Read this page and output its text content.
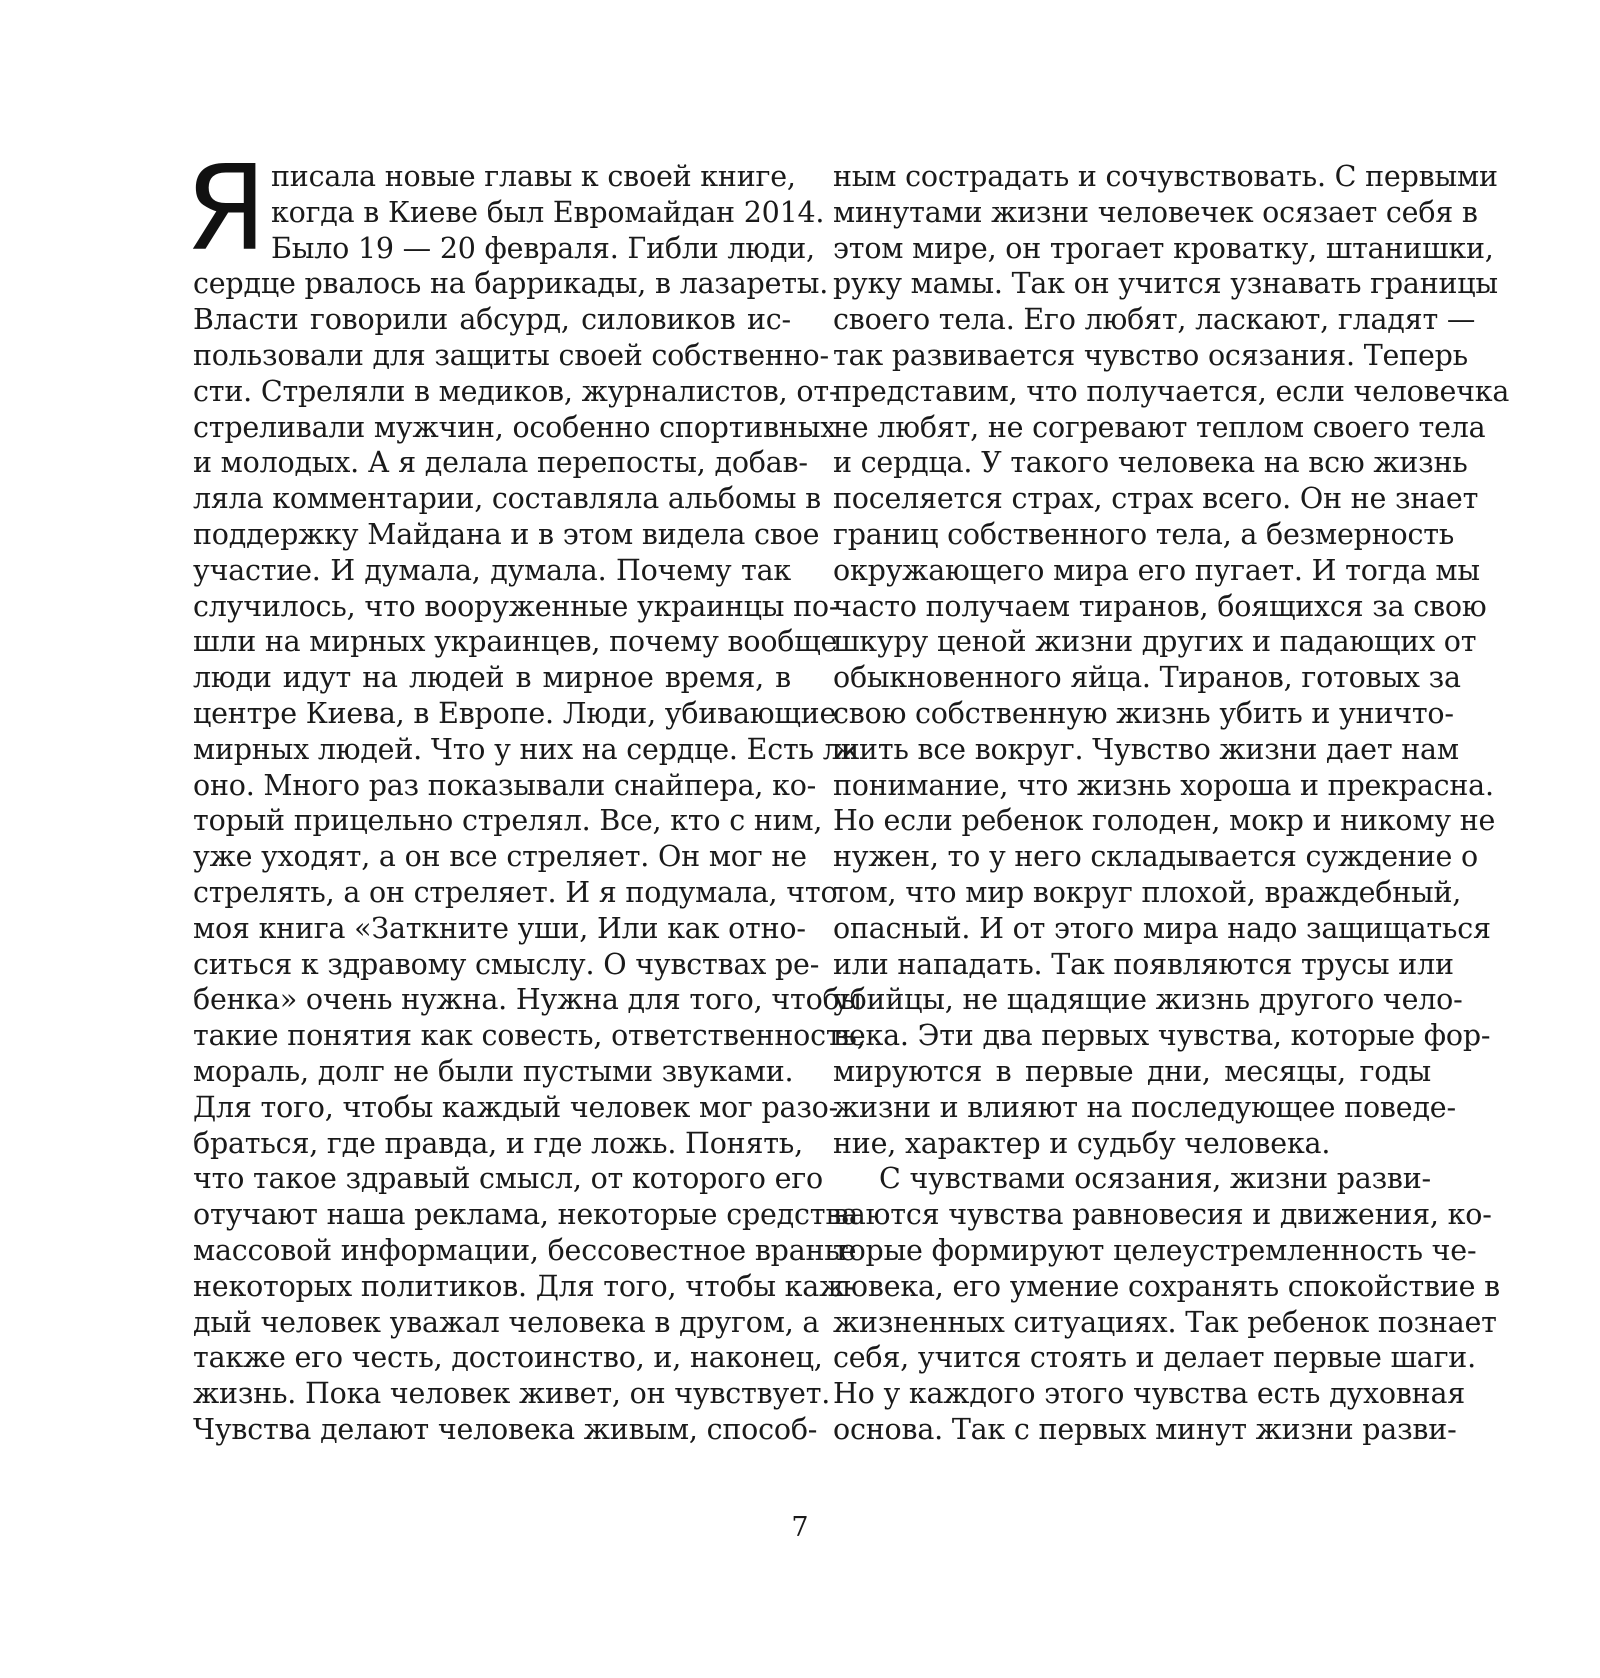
Я писала новые главы к своей книге,
когда в Киеве был Евромайдан 2014.
Было 19 — 20 февраля. Гибли люди,
сердце рвалось на баррикады, в лазареты.
Власти говорили абсурд, силовиков ис-
пользовали для защиты своей собственно-
сти. Стреляли в медиков, журналистов, от-
стреливали мужчин, особенно спортивных
и молодых. А я делала перепосты, добав-
ляла комментарии, составляла альбомы в
поддержку Майдана и в этом видела свое
участие. И думала, думала. Почему так
случилось, что вооруженные украинцы по-
шли на мирных украинцев, почему вообще
люди идут на людей в мирное время, в
центре Киева, в Европе. Люди, убивающие
мирных людей. Что у них на сердце. Есть ли
оно. Много раз показывали снайпера, ко-
торый прицельно стрелял. Все, кто с ним,
уже уходят, а он все стреляет. Он мог не
стрелять, а он стреляет. И я подумала, что
моя книга «Заткните уши, Или как отно-
ситься к здравому смыслу. О чувствах ре-
бенка» очень нужна. Нужна для того, чтобы
такие понятия как совесть, ответственность,
мораль, долг не были пустыми звуками.
Для того, чтобы каждый человек мог разо-
браться, где правда, и где ложь. Понять,
что такое здравый смысл, от которого его
отучают наша реклама, некоторые средства
массовой информации, бессовестное вранье
некоторых политиков. Для того, чтобы каж-
дый человек уважал человека в другом, а
также его честь, достоинство, и, наконец,
жизнь. Пока человек живет, он чувствует.
Чувства делают человека живым, способ-
ным сострадать и сочувствовать. С первыми
минутами жизни человечек осязает себя в
этом мире, он трогает кроватку, штанишки,
руку мамы. Так он учится узнавать границы
своего тела. Его любят, ласкают, гладят —
так развивается чувство осязания. Теперь
представим, что получается, если человечка
не любят, не согревают теплом своего тела
и сердца. У такого человека на всю жизнь
поселяется страх, страх всего. Он не знает
границ собственного тела, а безмерность
окружающего мира его пугает. И тогда мы
часто получаем тиранов, боящихся за свою
шкуру ценой жизни других и падающих от
обыкновенного яйца. Тиранов, готовых за
свою собственную жизнь убить и уничто-
жить все вокруг. Чувство жизни дает нам
понимание, что жизнь хороша и прекрасна.
Но если ребенок голоден, мокр и никому не
нужен, то у него складывается суждение о
том, что мир вокруг плохой, враждебный,
опасный. И от этого мира надо защищаться
или нападать. Так появляются трусы или
убийцы, не щадящие жизнь другого чело-
века. Эти два первых чувства, которые фор-
мируются в первые дни, месяцы, годы
жизни и влияют на последующее поведе-
ние, характер и судьбу человека.
С чувствами осязания, жизни разви-
ваются чувства равновесия и движения, ко-
торые формируют целеустремленность че-
ловека, его умение сохранять спокойствие в
жизненных ситуациях. Так ребенок познает
себя, учится стоять и делает первые шаги.
Но у каждого этого чувства есть духовная
основа. Так с первых минут жизни разви-
7
